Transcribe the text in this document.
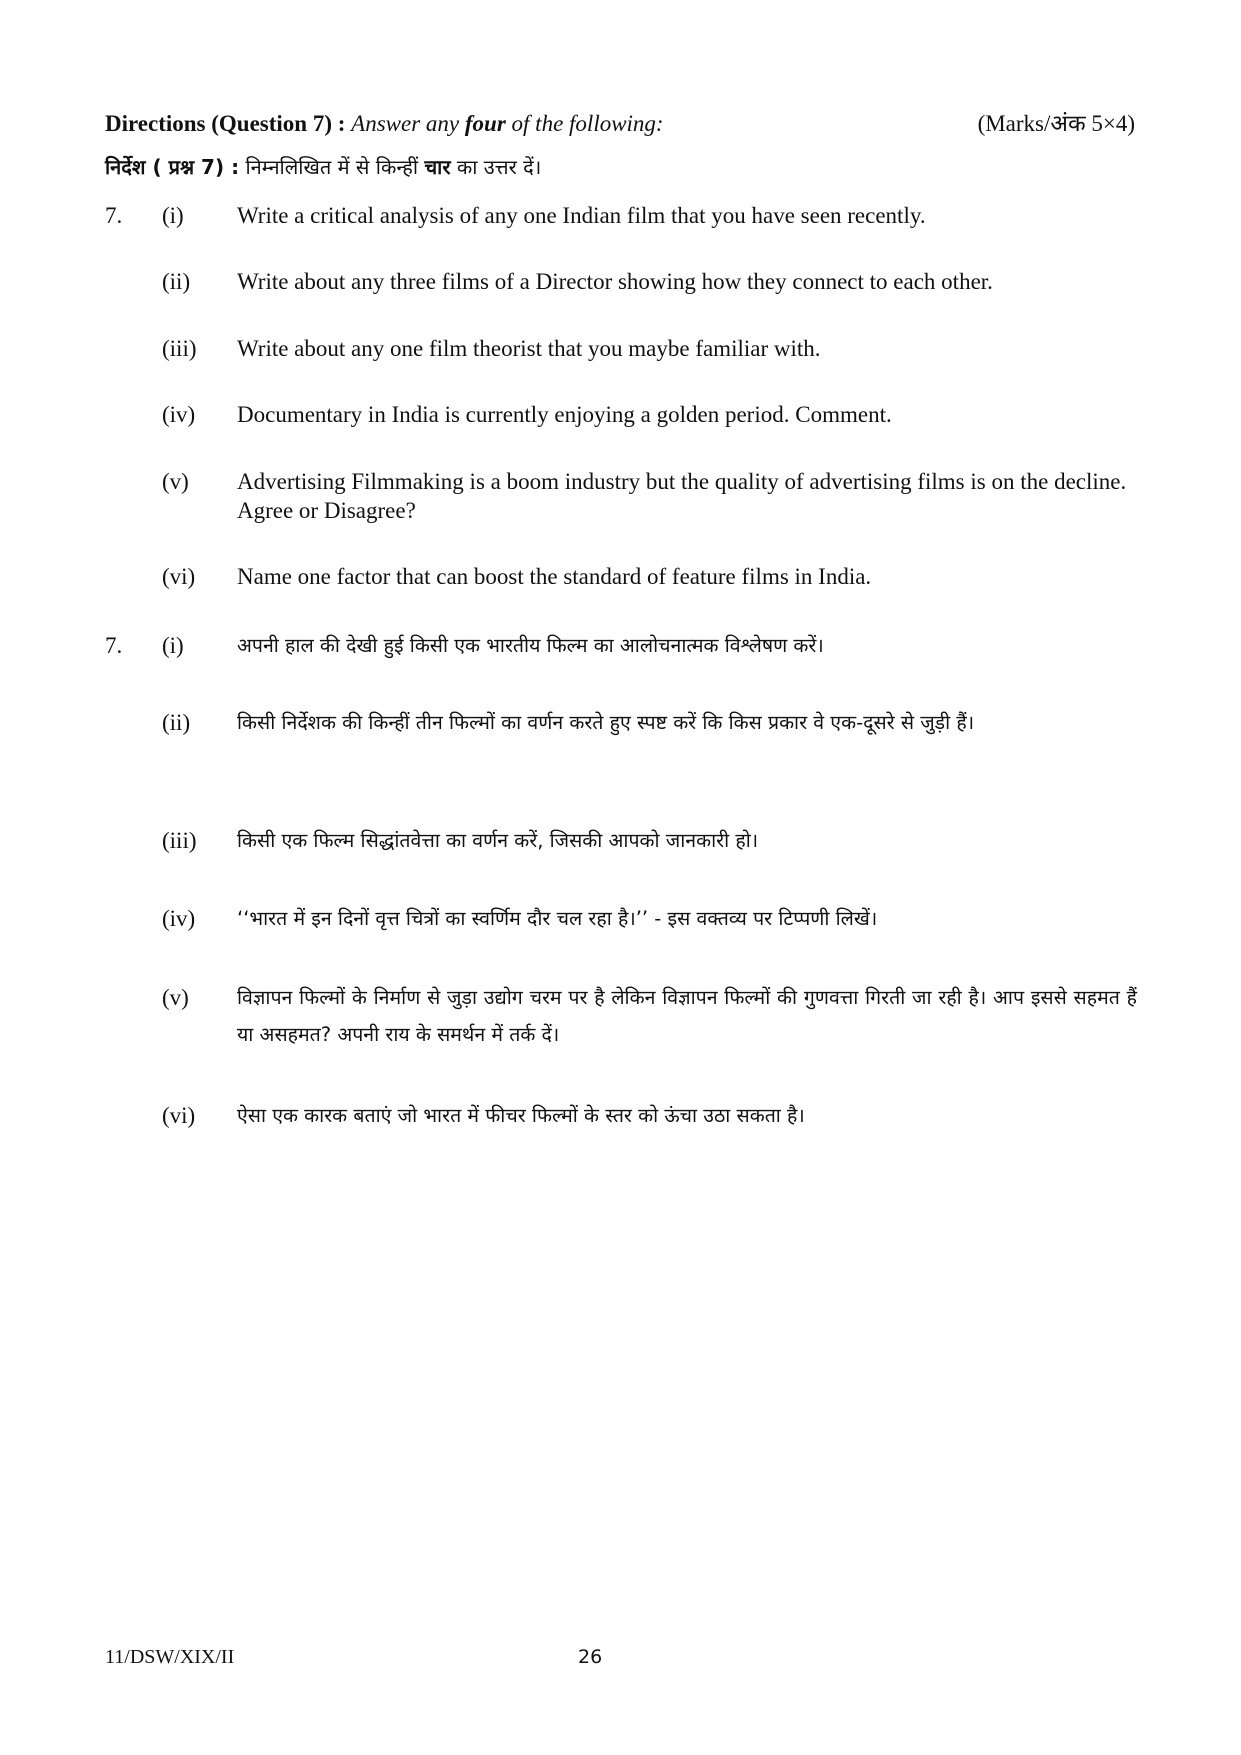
Directions (Question 7) : Answer any four of the following:	(Marks/अंक 5×4)
निर्देश ( प्रश्न 7) : निम्नलिखित में से किन्हीं चार का उत्तर दें।
7.	(i)	Write a critical analysis of any one Indian film that you have seen recently.
(ii)	Write about any three films of a Director showing how they connect to each other.
(iii)	Write about any one film theorist that you maybe familiar with.
(iv)	Documentary in India is currently enjoying a golden period. Comment.
(v)	Advertising Filmmaking is a boom industry but the quality of advertising films is on the decline. Agree or Disagree?
(vi)	Name one factor that can boost the standard of feature films in India.
7.	(i)	अपनी हाल की देखी हुई किसी एक भारतीय फिल्म का आलोचनात्मक विश्लेषण करें।
(ii)	किसी निर्देशक की किन्हीं तीन फिल्मों का वर्णन करते हुए स्पष्ट करें कि किस प्रकार वे एक-दूसरे से जुड़ी हैं।
(iii)	किसी एक फिल्म सिद्धांतवेत्ता का वर्णन करें, जिसकी आपको जानकारी हो।
(iv)	‘‘भारत में इन दिनों वृत्त चित्रों का स्वर्णिम दौर चल रहा है।’’ - इस वक्तव्य पर टिप्पणी लिखें।
(v)	विज्ञापन फिल्मों के निर्माण से जुड़ा उद्योग चरम पर है लेकिन विज्ञापन फिल्मों की गुणवत्ता गिरती जा रही है। आप इससे सहमत हैं या असहमत? अपनी राय के समर्थन में तर्क दें।
(vi)	ऐसा एक कारक बताएं जो भारत में फीचर फिल्मों के स्तर को ऊंचा उठा सकता है।
11/DSW/XIX/II	26
